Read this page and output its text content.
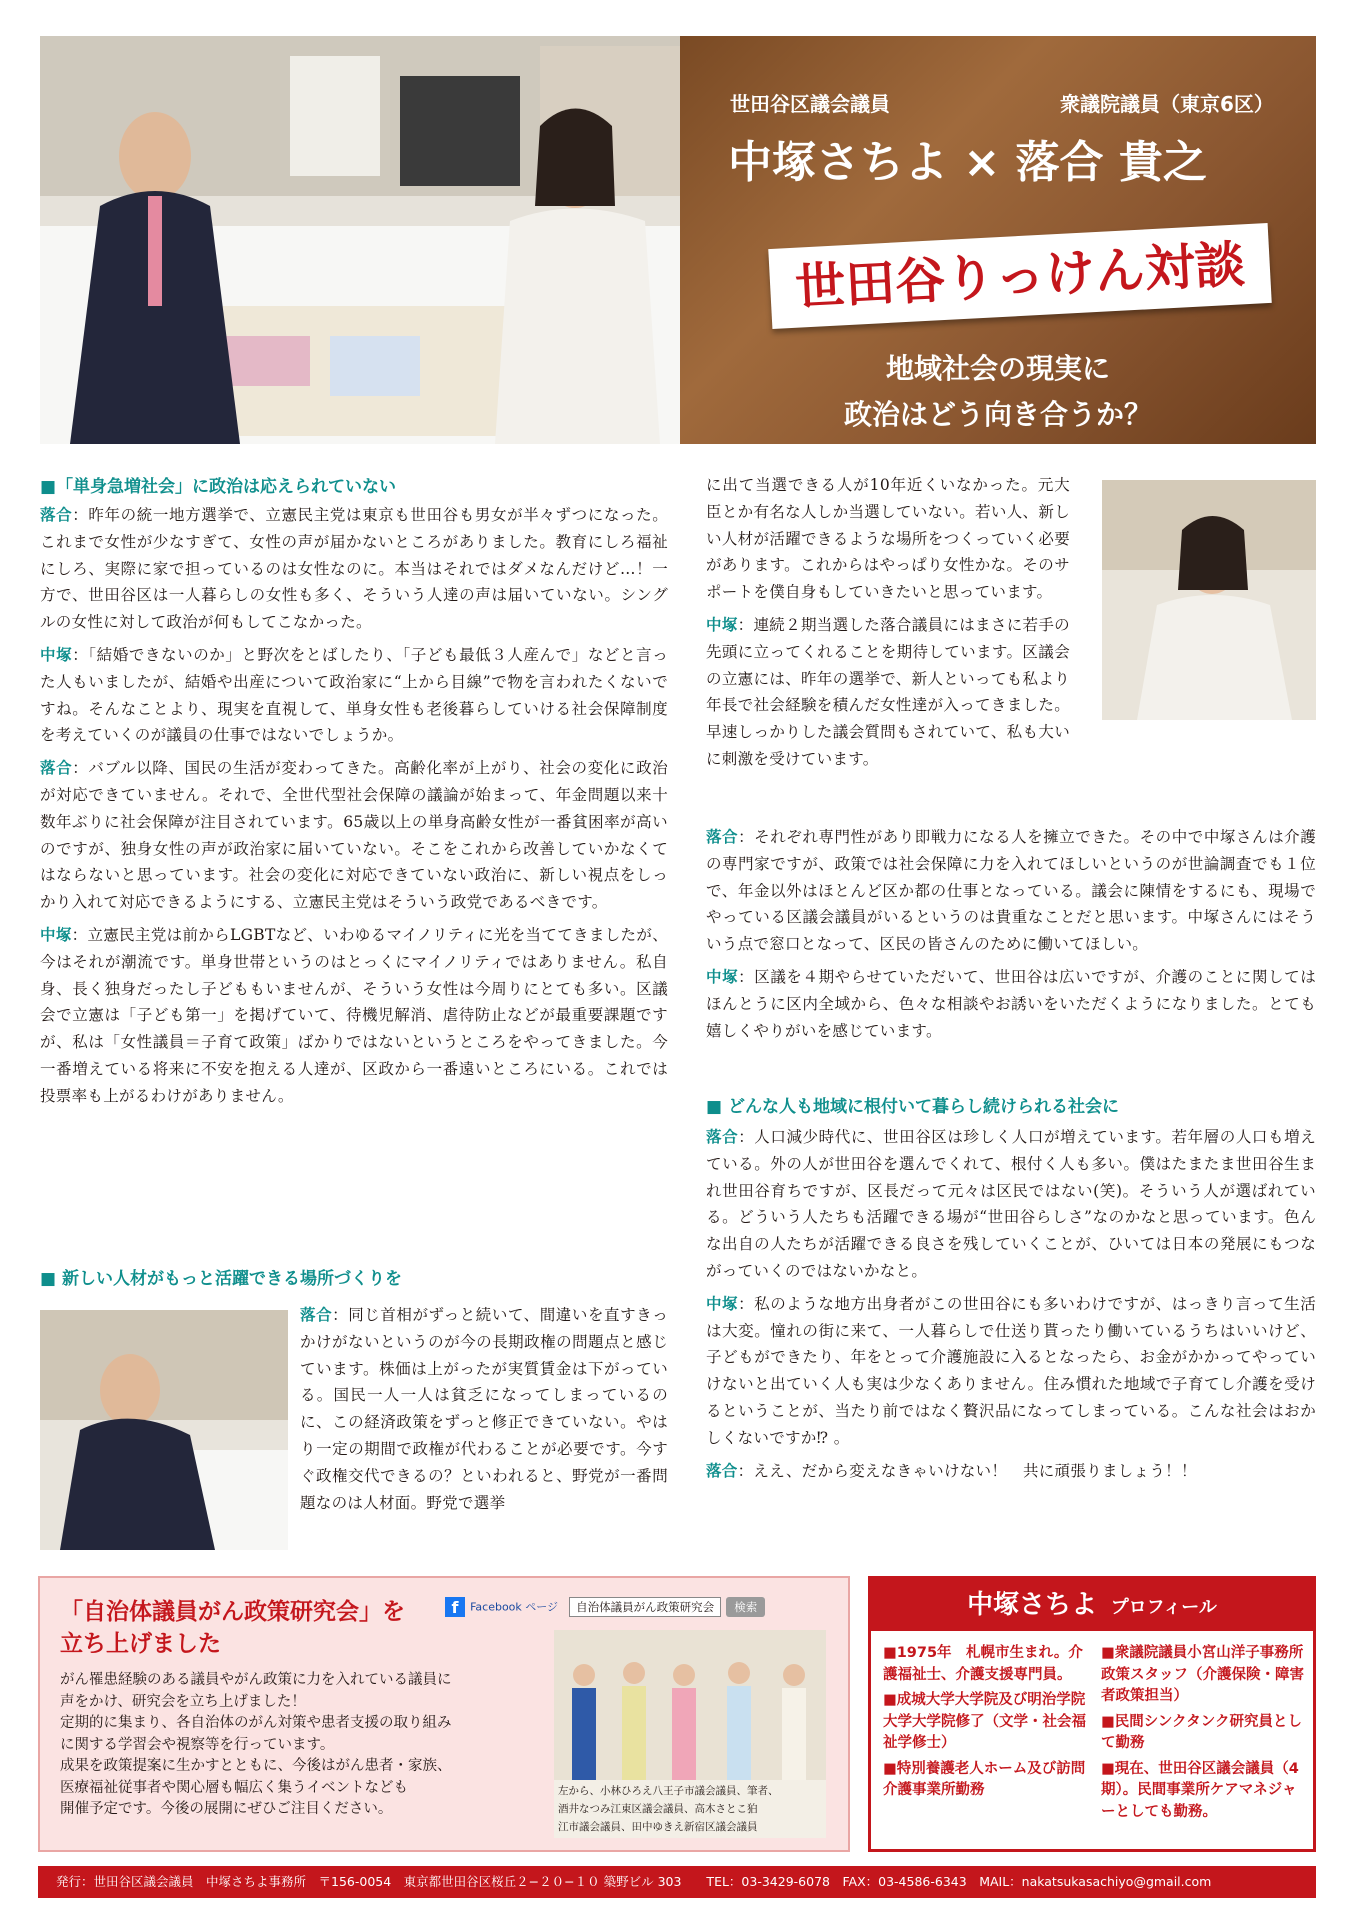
世田谷区議会議員	衆議院議員（東京6区）
中塚さちよ × 落合 貴之
世田谷りっけん対談
地域社会の現実に
政治はどう向き合うか？
■「単身急増社会」に政治は応えられていない

落合：昨年の統一地方選挙で、立憲民主党は東京も世田谷も男女が半々ずつになった。これまで女性が少なすぎて、女性の声が届かないところがありました。教育にしろ福祉にしろ、実際に家で担っているのは女性なのに。本当はそれではダメなんだけど…！一方で、世田谷区は一人暮らしの女性も多く、そういう人達の声は届いていない。シングルの女性に対して政治が何もしてこなかった。

中塚：「結婚できないのか」と野次をとばしたり、「子ども最低３人産んで」などと言った人もいましたが、結婚や出産について政治家に“上から目線”で物を言われたくないですね。そんなことより、現実を直視して、単身女性も老後暮らしていける社会保障制度を考えていくのが議員の仕事ではないでしょうか。

落合：バブル以降、国民の生活が変わってきた。高齢化率が上がり、社会の変化に政治が対応できていません。それで、全世代型社会保障の議論が始まって、年金問題以来十数年ぶりに社会保障が注目されています。65歳以上の単身高齢女性が一番貧困率が高いのですが、独身女性の声が政治家に届いていない。そこをこれから改善していかなくてはならないと思っています。社会の変化に対応できていない政治に、新しい視点をしっかり入れて対応できるようにする、立憲民主党はそういう政党であるべきです。

中塚：立憲民主党は前からLGBTなど、いわゆるマイノリティに光を当ててきましたが、今はそれが潮流です。単身世帯というのはとっくにマイノリティではありません。私自身、長く独身だったし子どももいませんが、そういう女性は今周りにとても多い。区議会で立憲は「子ども第一」を掲げていて、待機児解消、虐待防止などが最重要課題ですが、私は「女性議員＝子育て政策」ばかりではないというところをやってきました。今一番増えている将来に不安を抱える人達が、区政から一番遠いところにいる。これでは投票率も上がるわけがありません。

■ 新しい人材がもっと活躍できる場所づくりを

落合：同じ首相がずっと続いて、間違いを直すきっかけがないというのが今の長期政権の問題点と感じています。株価は上がったが実質賃金は下がっている。国民一人一人は貧乏になってしまっているのに、この経済政策をずっと修正できていない。やはり一定の期間で政権が代わることが必要です。今すぐ政権交代できるの？といわれると、野党が一番問題なのは人材面。野党で選挙

に出て当選できる人が10年近くいなかった。元大臣とか有名な人しか当選していない。若い人、新しい人材が活躍できるような場所をつくっていく必要があります。これからはやっぱり女性かな。そのサポートを僕自身もしていきたいと思っています。

中塚：連続２期当選した落合議員にはまさに若手の先頭に立ってくれることを期待しています。区議会の立憲には、昨年の選挙で、新人といっても私より年長で社会経験を積んだ女性達が入ってきました。早速しっかりした議会質問もされていて、私も大いに刺激を受けています。

落合：それぞれ専門性があり即戦力になる人を擁立できた。その中で中塚さんは介護の専門家ですが、政策では社会保障に力を入れてほしいというのが世論調査でも１位で、年金以外はほとんど区か都の仕事となっている。議会に陳情をするにも、現場でやっている区議会議員がいるというのは貴重なことだと思います。中塚さんにはそういう点で窓口となって、区民の皆さんのために働いてほしい。

中塚：区議を４期やらせていただいて、世田谷は広いですが、介護のことに関してはほんとうに区内全域から、色々な相談やお誘いをいただくようになりました。とても嬉しくやりがいを感じています。

■ どんな人も地域に根付いて暮らし続けられる社会に

落合：人口減少時代に、世田谷区は珍しく人口が増えています。若年層の人口も増えている。外の人が世田谷を選んでくれて、根付く人も多い。僕はたまたま世田谷生まれ世田谷育ちですが、区長だって元々は区民ではない(笑)。そういう人が選ばれている。どういう人たちも活躍できる場が“世田谷らしさ”なのかなと思っています。色んな出自の人たちが活躍できる良さを残していくことが、ひいては日本の発展にもつながっていくのではないかなと。

中塚：私のような地方出身者がこの世田谷にも多いわけですが、はっきり言って生活は大変。憧れの街に来て、一人暮らしで仕送り貰ったり働いているうちはいいけど、子どもができたり、年をとって介護施設に入るとなったら、お金がかかってやっていけないと出ていく人も実は少なくありません。住み慣れた地域で子育てし介護を受けるということが、当たり前ではなく贅沢品になってしまっている。こんな社会はおかしくないですか⁉ 。

落合：ええ、だから変えなきゃいけない！　共に頑張りましょう！！

「自治体議員がん政策研究会」を
立ち上げました
f Facebook ページ 自治体議員がん政策研究会 検索
がん罹患経験のある議員やがん政策に力を入れている議員に
声をかけ、研究会を立ち上げました！
定期的に集まり、各自治体のがん対策や患者支援の取り組み
に関する学習会や視察等を行っています。
成果を政策提案に生かすとともに、今後はがん患者・家族、
医療福祉従事者や関心層も幅広く集うイベントなども
開催予定です。今後の展開にぜひご注目ください。
左から、小林ひろえ八王子市議会議員、筆者、
酒井なつみ江東区議会議員、高木さとこ狛
江市議会議員、田中ゆきえ新宿区議会議員
中塚さちよ プロフィール
■1975年　札幌市生まれ。介護福祉士、介護支援専門員。
■成城大学大学院及び明治学院大学大学院修了（文学・社会福祉学修士）
■特別養護老人ホーム及び訪問介護事業所勤務
■衆議院議員小宮山洋子事務所政策スタッフ（介護保険・障害者政策担当）
■民間シンクタンク研究員として勤務
■現在、世田谷区議会議員（4期）。民間事業所ケアマネジャーとしても勤務。
発行：世田谷区議会議員　中塚さちよ事務所　〒156-0054　東京都世田谷区桜丘２−２０−１０ 築野ビル 303　　TEL：03-3429-6078　FAX：03-4586-6343　MAIL：nakatsukasachiyo@gmail.com
